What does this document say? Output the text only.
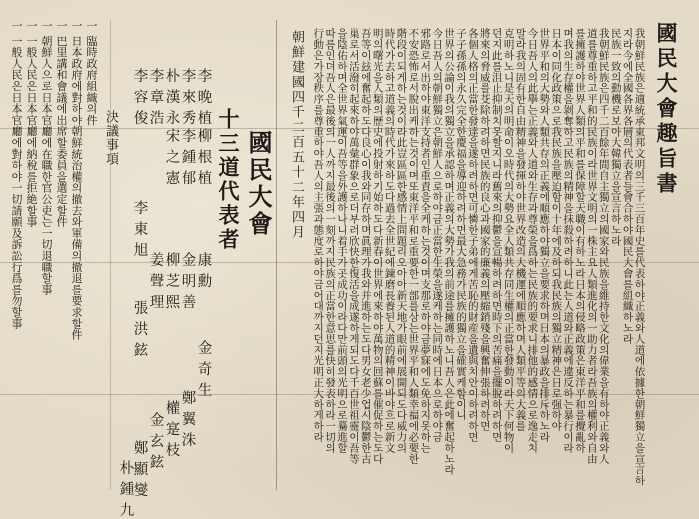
國民大會趣旨書
我朝鮮民族은適統承東邦文明의三千三百年史를代表하야正義와人道에依據한朝鮮獨立을宣言하
지라今에全國各界各層의代表者들會合하야國民大會를組織하노라
民族一致의動機로보아大韓獨立을宣言하노라
我朝鮮民族은四千二百餘年間自主獨立의國家와民族을維持한文化의偉業을有하야正義와人
道를尊重하고平和的民族이라世界文明의一株主요人類進化의一助力者라吾族의權利와自由
를擁護하야世界人類의平和를保障할天職이有하노라日本의侵略政策은東洋平和를攪亂하
며我의生存權을剝奪하고民族의精神을抹殺하려하니此는人道와正義에違反하는暴行이라
日本이同化政策으로我民族을壓迫함이十年에及하되我民族의獨立精神은日로强하야
世界平和의大勢와人類共存의正義에順應하야獨立을要求하며日本의暴政을排斥하노라
今日吾人의此擧는正義와人道와生存과尊榮을爲하는民族的要求니排他的感情으로逸走치
말라我의固有한自由精神을發揮하야世界改造의大機運에順應하며人類平等의大義를
克明하노니是天의明命이오時代의大勢요全人類共存同生權의正當한發動이라天下何物이
던지此를沮止抑制치못할지니라舊來의抑鬱을宣暢하려하면時下의苦痛을擺脫하려하면
將來의脅威를芟除하려하면民族的良心과國家的廉義의壓縮銷殘을興奮伸張하려하면
各個人格의正當한發達을遂하려하면可憐한子弟에게苦恥的財産을遺與치안이하려하면
子子孫孫의永久完全한慶福을導迎하려하면最大急務가民族的獨立을確實케함이니
世界의公論이我의獨立을承認하며正義의大勢가我의前途를擁護하노니吾人은此에奮起하노라
今日吾人의朝鮮獨立은朝鮮人으로하야금正當한生榮을遂케하는同時에日本으로하야금
邪路로서出하야東洋支持者인重責을全케하는것이며支那로하야금夢寐에도免하지못하는
不安恐怖로서脫出케하는것이며또東洋平和로重要한一部를삼는世界平和人類幸福에必要한
階段이되게하는것이라此豈區區한感情上問題리오아아新天地가眼前에展開되도다威力의
時代가去하고道義의時代가來하도다過去全世紀에鍊磨長養된人道的精神이바야흐로新文
明의曙光을人類의歷史에投射하기始하도다新春이世界에來하야萬物의回蘇를催促하는도다
吾等이玆에奮起하도다良心이我와同存하며眞理가我와并進하는도다男女老少업시陰鬱한古
巢로서活潑히起來하야萬彙群象으로더부러欣快한復活을成遂하게되도다千百世祖靈이吾等
을陰佑하며全世界氣運이吾等을外護하나니着手가곳成功이라다만前頭의光明으로驀進할
따름인뎌吾人은最後의一人까지最後의一刻까지民族의正當한意思를快히發表하라一切의
行動은가장秩序를尊重하야吾人의主張과態度로하야금어대까지던지光明正大하게하라
朝鮮建國四千二百五十二年四月
國民大會
十三道代表者
李 晚 植
李 來 秀
朴 漢 永
李 章 浩
李 容 俊
柳 根 植
李 鍾 郁
宋 之 憲
李 東 旭
康 勳
金 明 善
柳 芝 熙
姜 聲 理
張 洪 鉉
金 奇 生
鄭 翼 洙
權 寔 枝
金 玄 鉉
鄭 顯 燮
朴 鍾 九
決議事項
一 臨時政府組織의件
一 日本政府에對하야朝鮮統治權의撤去와軍備의撤退를要求할件
一 巴里講和會議에出席할委員을選定할件
一 朝鮮人으로日本官廳에在職한官公吏는一切退職할事
一 一般人民은日本官廳에納稅를拒絶할事
一 一般人民은日本官廳에對하야一切請願及訴訟行爲를勿할事
